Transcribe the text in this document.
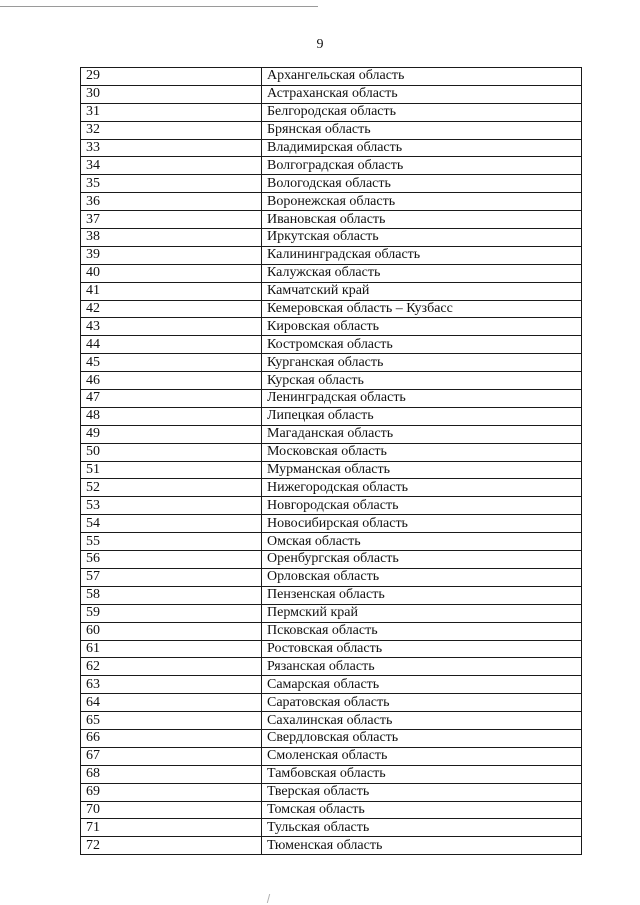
9
29	Архангельская область
30	Астраханская область
31	Белгородская область
32	Брянская область
33	Владимирская область
34	Волгоградская область
35	Вологодская область
36	Воронежская область
37	Ивановская область
38	Иркутская область
39	Калининградская область
40	Калужская область
41	Камчатский край
42	Кемеровская область – Кузбасс
43	Кировская область
44	Костромская область
45	Курганская область
46	Курская область
47	Ленинградская область
48	Липецкая область
49	Магаданская область
50	Московская область
51	Мурманская область
52	Нижегородская область
53	Новгородская область
54	Новосибирская область
55	Омская область
56	Оренбургская область
57	Орловская область
58	Пензенская область
59	Пермский край
60	Псковская область
61	Ростовская область
62	Рязанская область
63	Самарская область
64	Саратовская область
65	Сахалинская область
66	Свердловская область
67	Смоленская область
68	Тамбовская область
69	Тверская область
70	Томская область
71	Тульская область
72	Тюменская область
